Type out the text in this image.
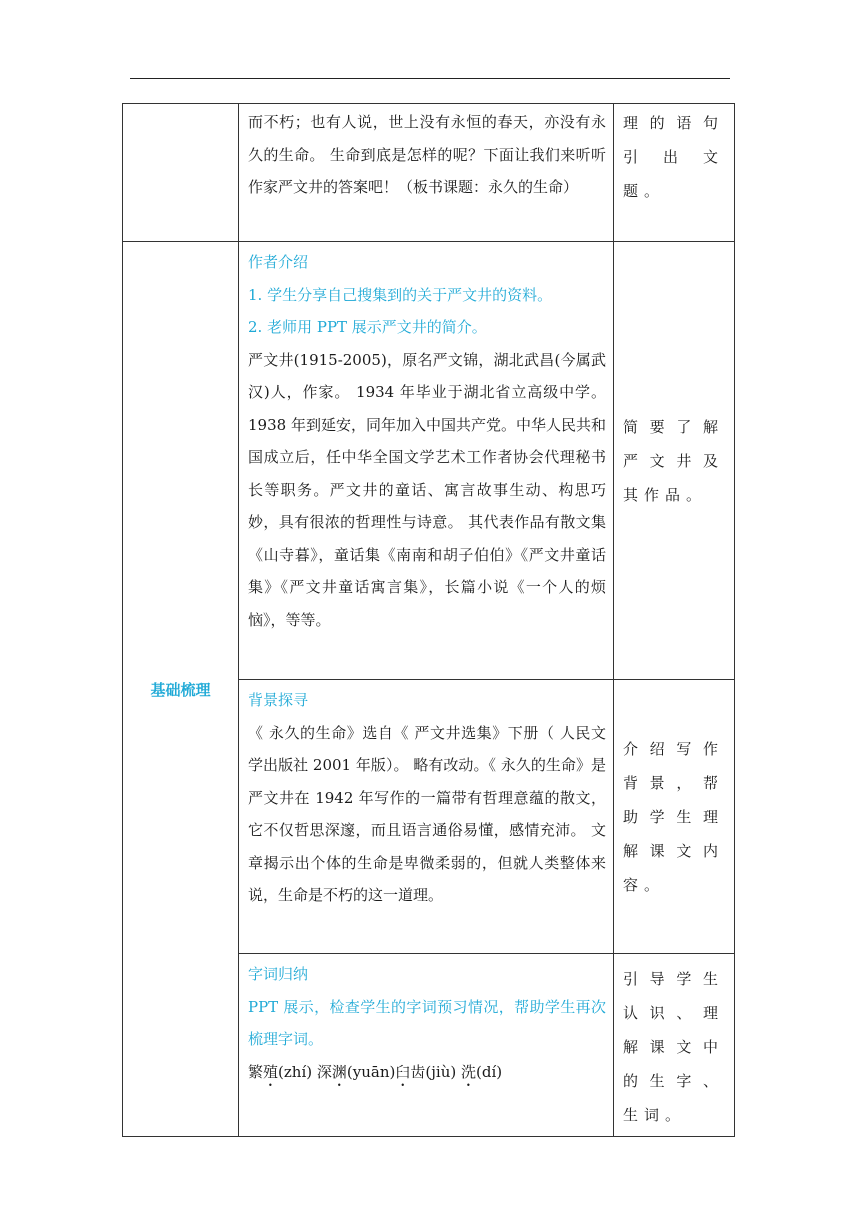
	而不朽；也有人说，世上没有永恒的春天，亦没有永久的生命。 生命到底是怎样的呢？下面让我们来听听作家严文井的答案吧！（板书课题：永久的生命）	理的语句引出文题。

基础梳理	作者介绍

1. 学生分享自己搜集到的关于严文井的资料。

2. 老师用 PPT 展示严文井的简介。

严文井(1915-2005)，原名严文锦，湖北武昌(今属武汉)人，作家。 1934 年毕业于湖北省立高级中学。1938 年到延安，同年加入中国共产党。中华人民共和国成立后，任中华全国文学艺术工作者协会代理秘书长等职务。严文井的童话、寓言故事生动、构思巧妙，具有很浓的哲理性与诗意。 其代表作品有散文集《山寺暮》，童话集《南南和胡子伯伯》《严文井童话集》《严文井童话寓言集》，长篇小说《一个人的烦恼》，等等。	简要了解严文井及其作品。

	背景探寻

《 永久的生命》选自《 严文井选集》下册（ 人民文学出版社 2001 年版）。 略有改动。《 永久的生命》是严文井在 1942 年写作的一篇带有哲理意蕴的散文，它不仅哲思深邃，而且语言通俗易懂，感情充沛。 文章揭示出个体的生命是卑微柔弱的，但就人类整体来说，生命是不朽的这一道理。	介绍写作背景，帮助学生理解课文内容。

	字词归纳

PPT 展示，检查学生的字词预习情况，帮助学生再次梳理字词。

繁殖(zhí) 深渊(yuān)臼齿(jiù) 洗(dí)	引导学生认识、理解课文中的生字、生词。
